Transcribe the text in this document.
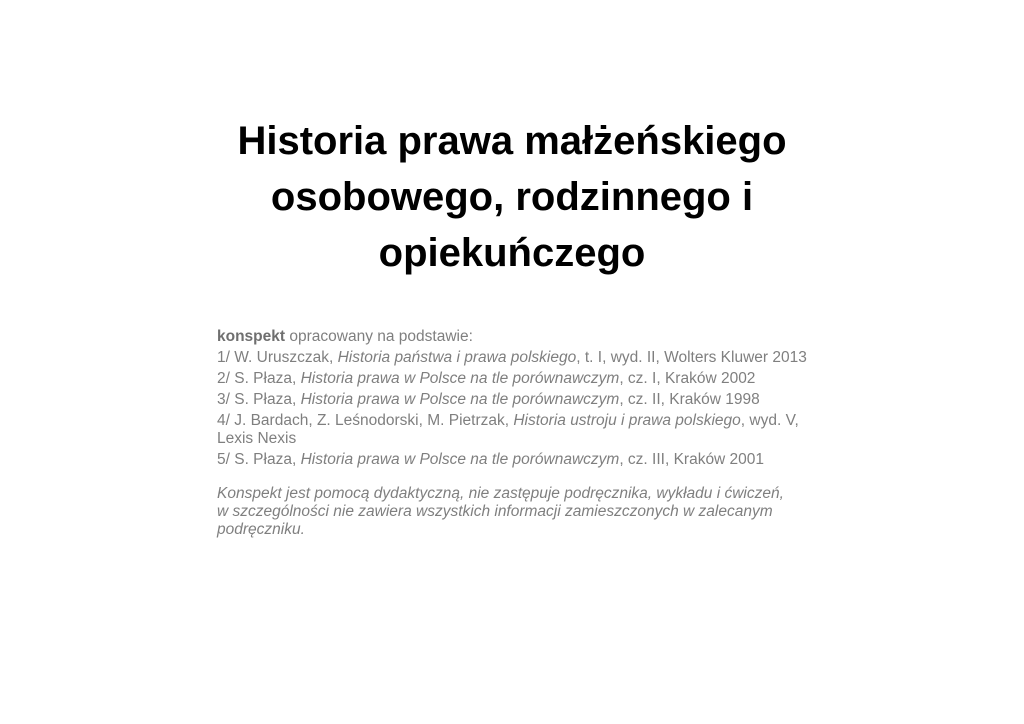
Historia prawa małżeńskiego
osobowego, rodzinnego i
opiekuńczego
konspekt opracowany na podstawie:
1/ W. Uruszczak, Historia państwa i prawa polskiego, t. I, wyd. II, Wolters Kluwer 2013
2/ S. Płaza, Historia prawa w Polsce na tle porównawczym, cz. I, Kraków 2002
3/ S. Płaza, Historia prawa w Polsce na tle porównawczym, cz. II, Kraków 1998
4/ J. Bardach, Z. Leśnodorski, M. Pietrzak, Historia ustroju i prawa polskiego, wyd. V, Lexis Nexis
5/ S. Płaza, Historia prawa w Polsce na tle porównawczym, cz. III, Kraków 2001
Konspekt jest pomocą dydaktyczną, nie zastępuje podręcznika, wykładu i ćwiczeń, w szczególności nie zawiera wszystkich informacji zamieszczonych w zalecanym podręczniku.
